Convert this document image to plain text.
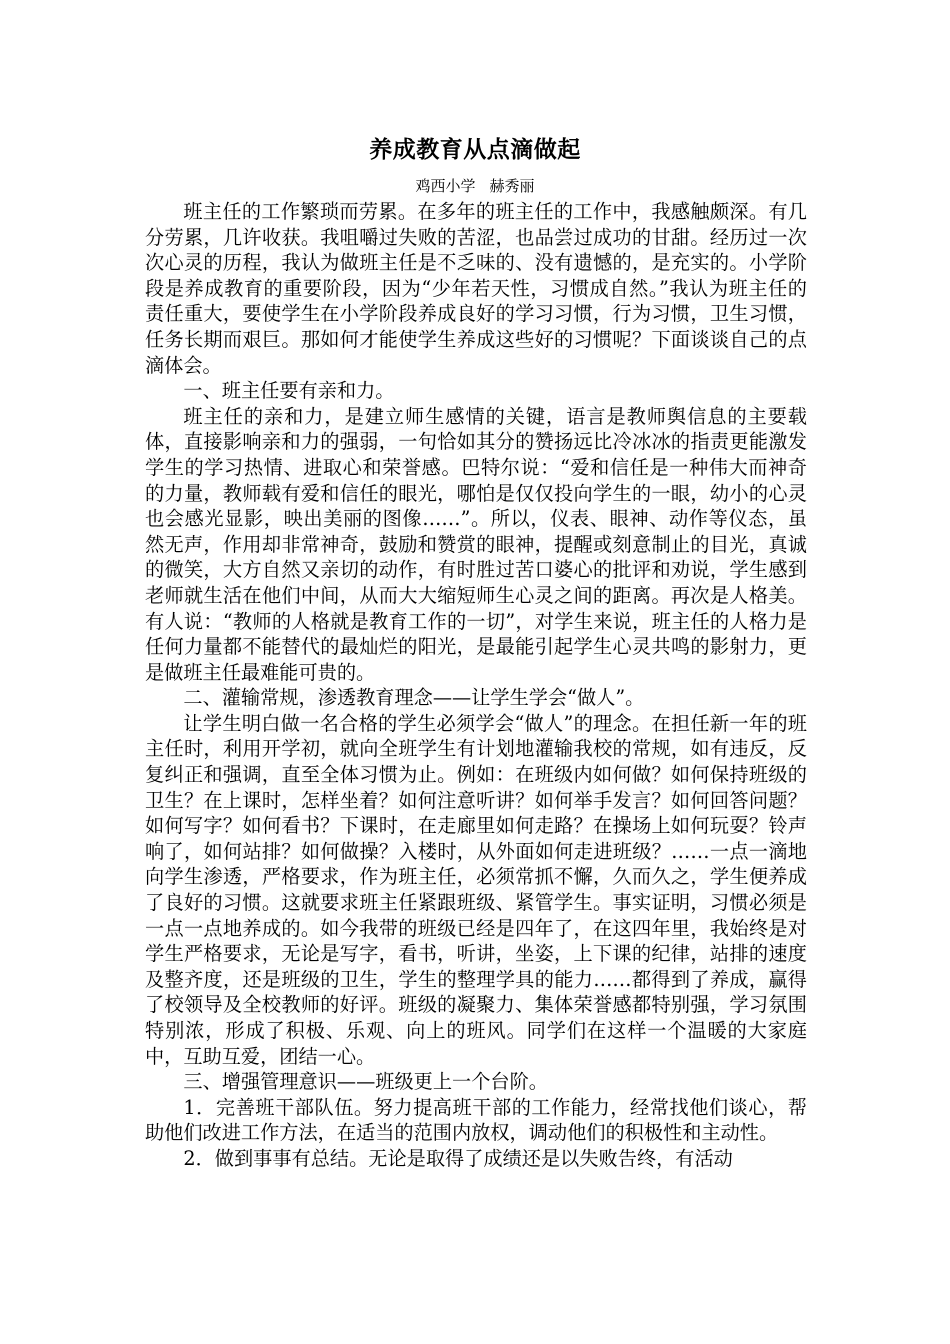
养成教育从点滴做起
鸡西小学 赫秀丽

班主任的工作繁琐而劳累。在多年的班主任的工作中，我感触颇深。有几分劳累，几许收获。我咀嚼过失败的苦涩，也品尝过成功的甘甜。经历过一次次心灵的历程，我认为做班主任是不乏味的、没有遗憾的，是充实的。小学阶段是养成教育的重要阶段，因为“少年若天性，习惯成自然。”我认为班主任的责任重大，要使学生在小学阶段养成良好的学习习惯，行为习惯，卫生习惯，任务长期而艰巨。那如何才能使学生养成这些好的习惯呢？下面谈谈自己的点滴体会。

一、班主任要有亲和力。

班主任的亲和力，是建立师生感情的关键，语言是教师舆信息的主要载体，直接影响亲和力的强弱，一句恰如其分的赞扬远比冷冰冰的指责更能激发学生的学习热情、进取心和荣誉感。巴特尔说：“爱和信任是一种伟大而神奇的力量，教师载有爱和信任的眼光，哪怕是仅仅投向学生的一眼，幼小的心灵也会感光显影，映出美丽的图像……”。所以，仪表、眼神、动作等仪态，虽然无声，作用却非常神奇，鼓励和赞赏的眼神，提醒或刻意制止的目光，真诚的微笑，大方自然又亲切的动作，有时胜过苦口婆心的批评和劝说，学生感到老师就生活在他们中间，从而大大缩短师生心灵之间的距离。再次是人格美。有人说：“教师的人格就是教育工作的一切”，对学生来说，班主任的人格力是任何力量都不能替代的最灿烂的阳光，是最能引起学生心灵共鸣的影射力，更是做班主任最难能可贵的。

二、灌输常规，渗透教育理念——让学生学会“做人”。

让学生明白做一名合格的学生必须学会“做人”的理念。在担任新一年的班主任时，利用开学初，就向全班学生有计划地灌输我校的常规，如有违反，反复纠正和强调，直至全体习惯为止。例如：在班级内如何做？如何保持班级的卫生？在上课时，怎样坐着？如何注意听讲？如何举手发言？如何回答问题？如何写字？如何看书？下课时，在走廊里如何走路？在操场上如何玩耍？铃声响了，如何站排？如何做操？入楼时，从外面如何走进班级？……一点一滴地向学生渗透，严格要求，作为班主任，必须常抓不懈，久而久之，学生便养成了良好的习惯。这就要求班主任紧跟班级、紧管学生。事实证明，习惯必须是一点一点地养成的。如今我带的班级已经是四年了，在这四年里，我始终是对学生严格要求，无论是写字，看书，听讲，坐姿，上下课的纪律，站排的速度及整齐度，还是班级的卫生，学生的整理学具的能力……都得到了养成，赢得了校领导及全校教师的好评。班级的凝聚力、集体荣誉感都特别强，学习氛围特别浓，形成了积极、乐观、向上的班风。同学们在这样一个温暖的大家庭中，互助互爱，团结一心。

三、增强管理意识——班级更上一个台阶。

1．完善班干部队伍。努力提高班干部的工作能力，经常找他们谈心，帮助他们改进工作方法，在适当的范围内放权，调动他们的积极性和主动性。

2．做到事事有总结。无论是取得了成绩还是以失败告终，有活动
